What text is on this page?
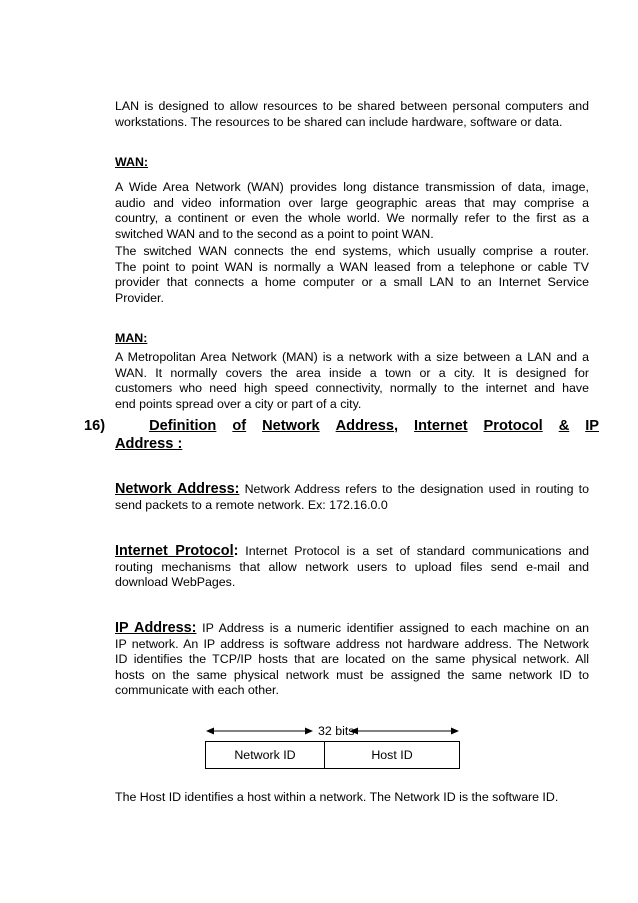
LAN is designed to allow resources to be shared between personal computers and
workstations. The resources to be shared can include hardware, software or data.
WAN:
A Wide Area Network (WAN) provides long distance transmission of data, image,
audio and video information over large geographic areas that may comprise a
country, a continent or even the whole world. We normally refer to the first as a
switched WAN and to the second as a point to point WAN.
The switched WAN connects the end systems, which usually comprise a router.
The point to point WAN is normally a WAN leased from a telephone or cable TV
provider that connects a home computer or a small LAN to an Internet Service
Provider.
MAN:
A Metropolitan Area Network (MAN) is a network with a size between a LAN and a
WAN. It normally covers the area inside a town or a city. It is designed for
customers who need high speed connectivity, normally to the internet and have
end points spread over a city or part of a city.
16)	Definition of Network Address, Internet Protocol & IP
Address :
Network Address: Network Address refers to the designation used in routing to
send packets to a remote network. Ex: 172.16.0.0
Internet Protocol: Internet Protocol is a set of standard communications and
routing mechanisms that allow network users to upload files send e-mail and
download WebPages.
IP Address: IP Address is a numeric identifier assigned to each machine on an
IP network. An IP address is software address not hardware address. The Network
ID identifies the TCP/IP hosts that are located on the same physical network. All
hosts on the same physical network must be assigned the same network ID to
communicate with each other.
32 bits
Network ID	Host ID
The Host ID identifies a host within a network. The Network ID is the software ID.
